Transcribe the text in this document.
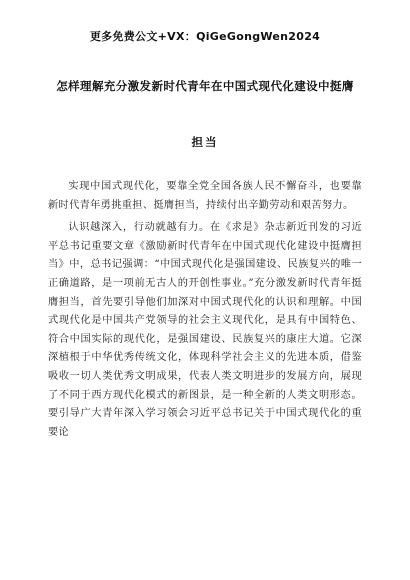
更多免费公文+VX：QiGeGongWen2024
怎样理解充分激发新时代青年在中国式现代化建设中挺膺
担当

实现中国式现代化，要靠全党全国各族人民不懈奋斗，也要靠新时代青年勇挑重担、挺膺担当，持续付出辛勤劳动和艰苦努力。

认识越深入，行动就越有力。在《求是》杂志新近刊发的习近平总书记重要文章《激励新时代青年在中国式现代化建设中挺膺担当》中，总书记强调：“中国式现代化是强国建设、民族复兴的唯一正确道路，是一项前无古人的开创性事业。”充分激发新时代青年挺膺担当，首先要引导他们加深对中国式现代化的认识和理解。中国式现代化是中国共产党领导的社会主义现代化，是具有中国特色、符合中国实际的现代化，是强国建设、民族复兴的康庄大道。它深深植根于中华优秀传统文化，体现科学社会主义的先进本质，借鉴吸收一切人类优秀文明成果，代表人类文明进步的发展方向，展现了不同于西方现代化模式的新图景，是一种全新的人类文明形态。要引导广大青年深入学习领会习近平总书记关于中国式现代化的重要论
